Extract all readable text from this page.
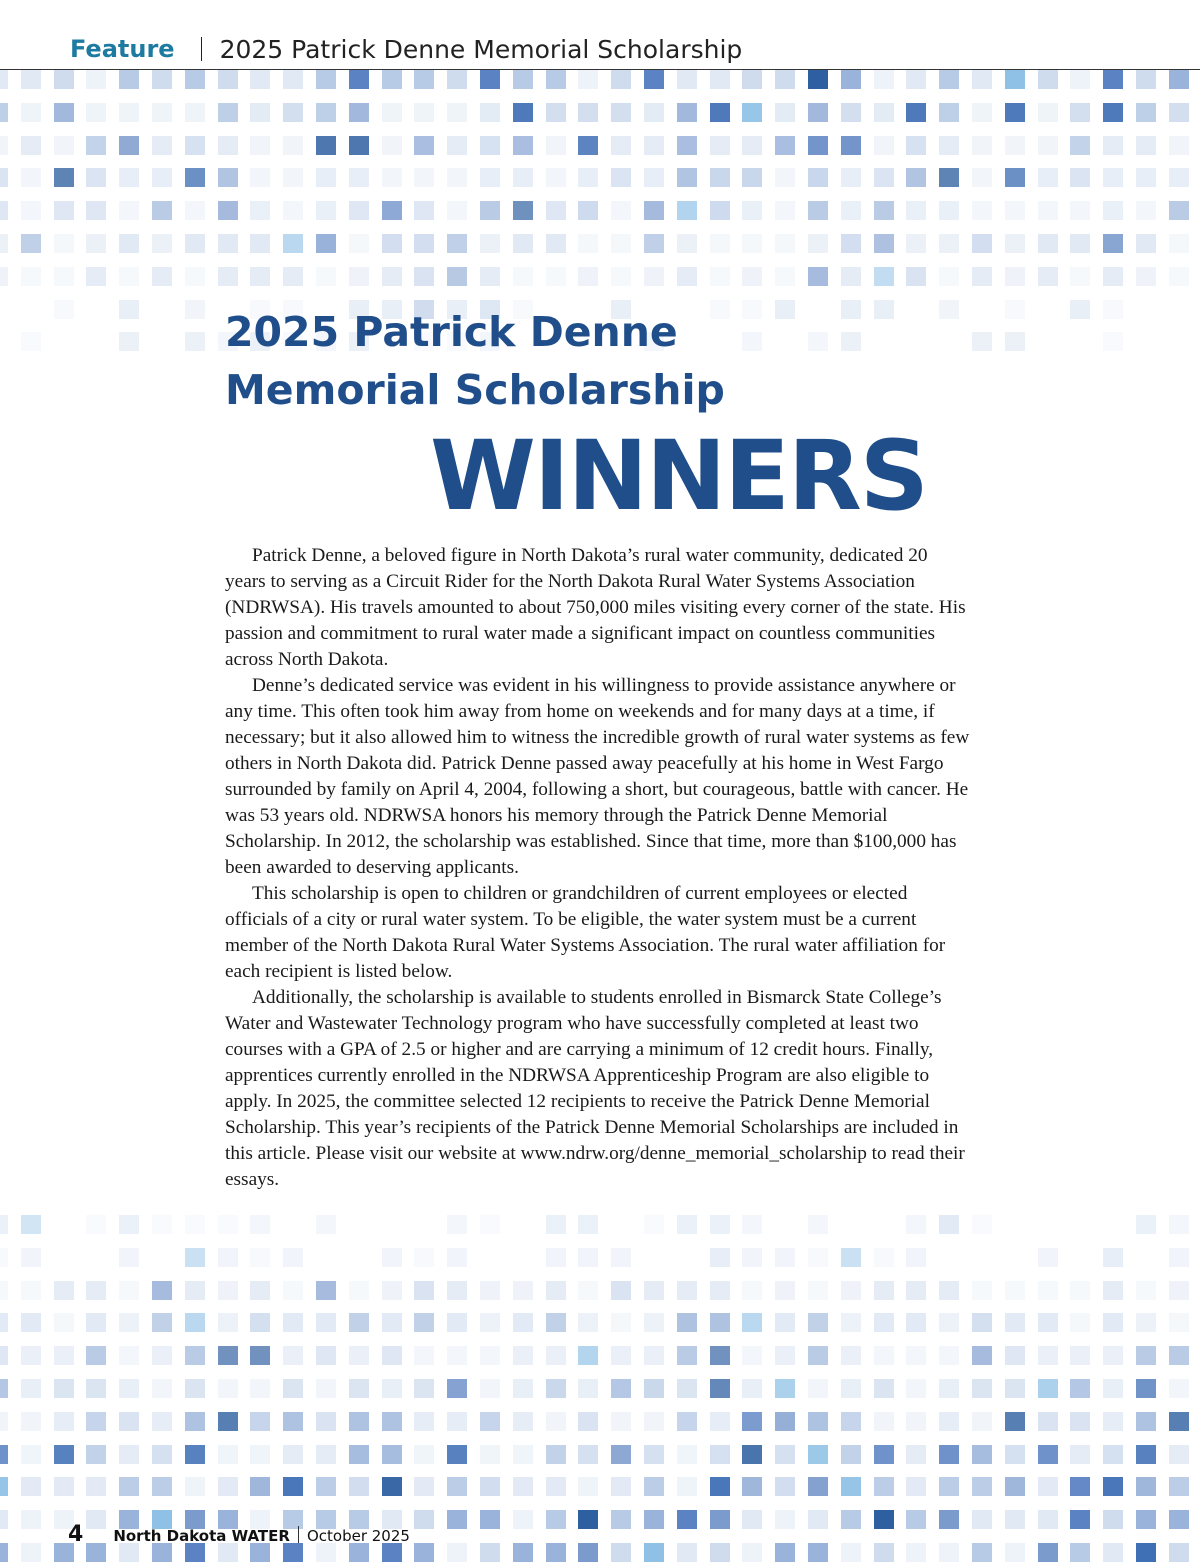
Feature 2025 Patrick Denne Memorial Scholarship
2025 Patrick Denne
Memorial Scholarship
WINNERS

Patrick Denne, a beloved figure in North Dakota’s rural water community, dedicated 20 years to serving as a Circuit Rider for the North Dakota Rural Water Systems Association (NDRWSA). His travels amounted to about 750,000 miles visiting every corner of the state. His passion and commitment to rural water made a significant impact on countless communities across North Dakota.

Denne’s dedicated service was evident in his willingness to provide assistance anywhere or any time. This often took him away from home on weekends and for many days at a time, if necessary; but it also allowed him to witness the incredible growth of rural water systems as few others in North Dakota did. Patrick Denne passed away peacefully at his home in West Fargo surrounded by family on April 4, 2004, following a short, but courageous, battle with cancer. He was 53 years old. NDRWSA honors his memory through the Patrick Denne Memorial Scholarship. In 2012, the scholarship was established. Since that time, more than $100,000 has been awarded to deserving applicants.

This scholarship is open to children or grandchildren of current employees or elected officials of a city or rural water system. To be eligible, the water system must be a current member of the North Dakota Rural Water Systems Association. The rural water affiliation for each recipient is listed below.

Additionally, the scholarship is available to students enrolled in Bismarck State College’s Water and Wastewater Technology program who have successfully completed at least two courses with a GPA of 2.5 or higher and are carrying a minimum of 12 credit hours. Finally, apprentices currently enrolled in the NDRWSA Apprenticeship Program are also eligible to apply. In 2025, the committee selected 12 recipients to receive the Patrick Denne Memorial Scholarship. This year’s recipients of the Patrick Denne Memorial Scholarships are included in this article. Please visit our website at www.ndrw.org/denne_memorial_scholarship to read their essays.

4 North Dakota WATER October 2025
